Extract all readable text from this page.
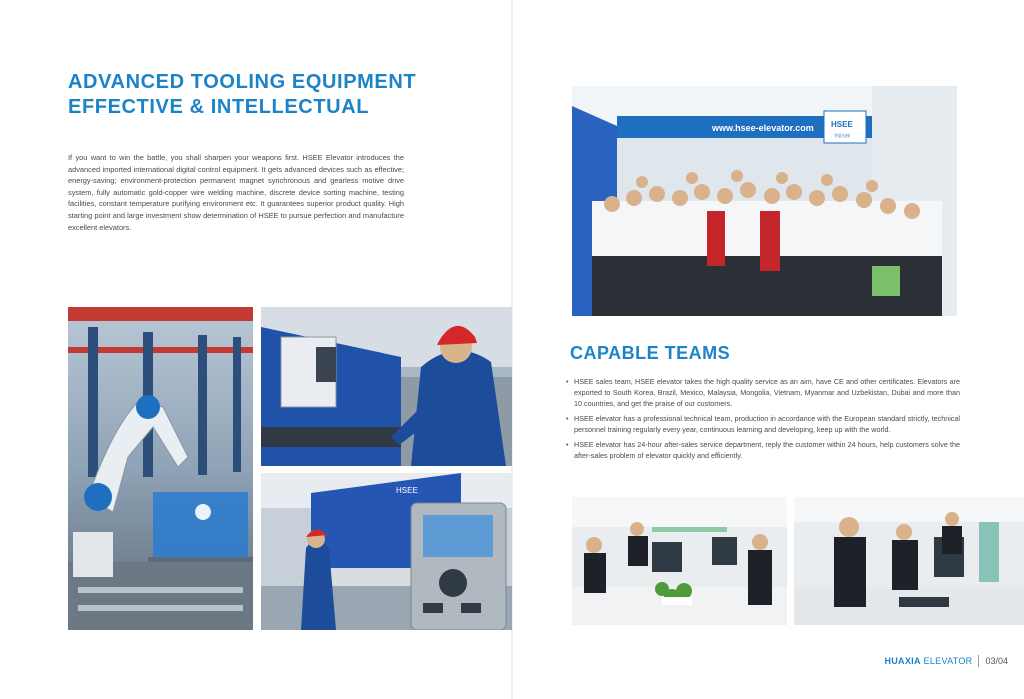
ADVANCED TOOLING EQUIPMENT
EFFECTIVE & INTELLECTUAL

If you want to win the battle, you shall sharpen your weapons first. HSEE Elevator introduces the advanced imported international digital control equipment. It gets advanced devices such as effective; energy-saving; environment-protection permanent magnet synchronous and gearless motive drive system, fully automatic gold-copper wire welding machine, discrete device sorting machine, testing facilities, constant temperature purifying environment etc. It guarantees superior product quality. High starting point and large investment show determination of HSEE to pursue perfection and manufacture excellent elevators.

HSEE
www.hsee-elevator.com HSEE
华夏电梯
CAPABLE TEAMS
• HSEE sales team, HSEE elevator takes the high quality service as an aim, have CE and other certificates. Elevators are exported to South Korea, Brazil, Mexico, Malaysia, Mongolia, Vietnam, Myanmar and Uzbekistan, Dubai and more than 10 countries, and get the praise of our customers.
• HSEE elevator has a professional technical team, production in accordance with the European standard strictly, technical personnel training regularly every year, continuous learning and developing, keep up with the world.
• HSEE elevator has 24-hour after-sales service department, reply the customer within 24 hours, help customers solve the after-sales problem of elevator quickly and efficiently.
HUAXIA ELEVATOR 03/04
